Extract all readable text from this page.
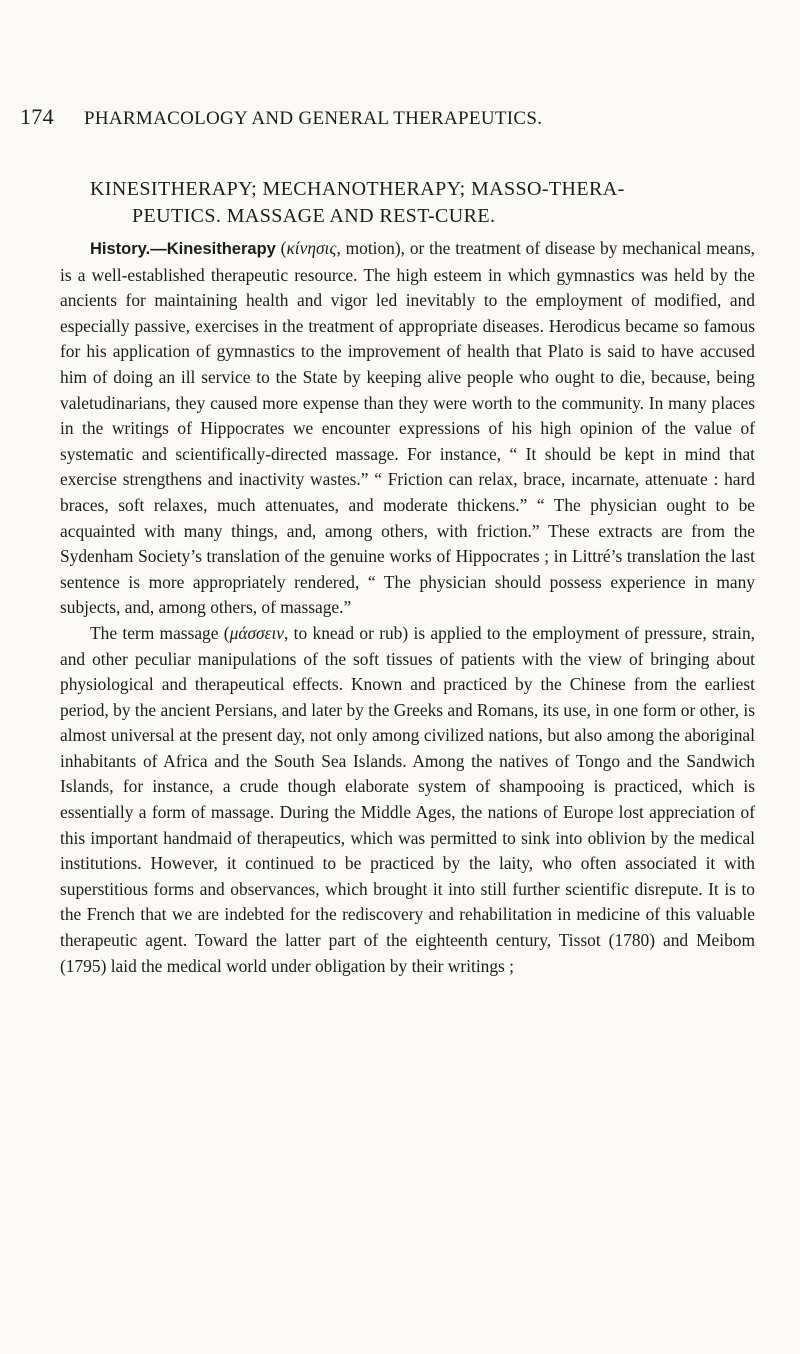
174 PHARMACOLOGY AND GENERAL THERAPEUTICS.
KINESITHERAPY; MECHANOTHERAPY; MASSO-THERA-
PEUTICS. MASSAGE AND REST-CURE.

History.—Kinesitherapy (κίνησις, motion), or the treatment of disease by mechanical means, is a well-established therapeutic resource. The high esteem in which gymnastics was held by the ancients for maintaining health and vigor led inevitably to the employment of modified, and especially passive, exercises in the treatment of appropriate diseases. Herodicus became so famous for his application of gymnastics to the improvement of health that Plato is said to have accused him of doing an ill service to the State by keeping alive people who ought to die, because, being valetudinarians, they caused more expense than they were worth to the community. In many places in the writings of Hippocrates we encounter expressions of his high opinion of the value of systematic and scientifically-directed massage. For instance, “ It should be kept in mind that exercise strengthens and inactivity wastes.” “ Friction can relax, brace, incarnate, attenuate : hard braces, soft relaxes, much attenuates, and moderate thickens.” “ The physician ought to be acquainted with many things, and, among others, with friction.” These extracts are from the Sydenham Society’s translation of the genuine works of Hippocrates ; in Littré’s translation the last sentence is more appropriately rendered, “ The physician should possess experience in many subjects, and, among others, of massage.”

The term massage (μάσσειν, to knead or rub) is applied to the employment of pressure, strain, and other peculiar manipulations of the soft tissues of patients with the view of bringing about physiological and therapeutical effects. Known and practiced by the Chinese from the earliest period, by the ancient Persians, and later by the Greeks and Romans, its use, in one form or other, is almost universal at the present day, not only among civilized nations, but also among the aboriginal inhabitants of Africa and the South Sea Islands. Among the natives of Tongo and the Sandwich Islands, for instance, a crude though elaborate system of shampooing is practiced, which is essentially a form of massage. During the Middle Ages, the nations of Europe lost appreciation of this important handmaid of therapeutics, which was permitted to sink into oblivion by the medical institutions. However, it continued to be practiced by the laity, who often associated it with superstitious forms and observances, which brought it into still further scientific disrepute. It is to the French that we are indebted for the rediscovery and rehabilitation in medicine of this valuable therapeutic agent. Toward the latter part of the eighteenth century, Tissot (1780) and Meibom (1795) laid the medical world under obligation by their writings ;
